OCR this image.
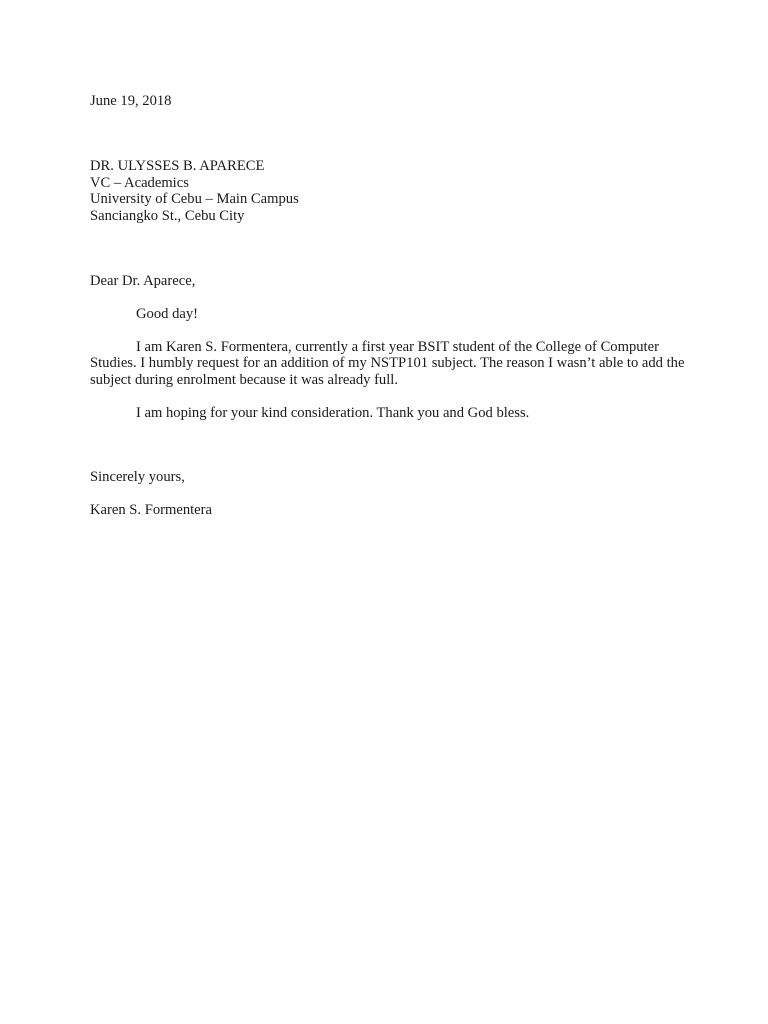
June 19, 2018
DR. ULYSSES B. APARECE
VC – Academics
University of Cebu – Main Campus
Sanciangko St., Cebu City
Dear Dr. Aparece,
Good day!
I am Karen S. Formentera, currently a first year BSIT student of the College of Computer
Studies. I humbly request for an addition of my NSTP101 subject. The reason I wasn’t able to add the
subject during enrolment because it was already full.
I am hoping for your kind consideration. Thank you and God bless.
Sincerely yours,
Karen S. Formentera
